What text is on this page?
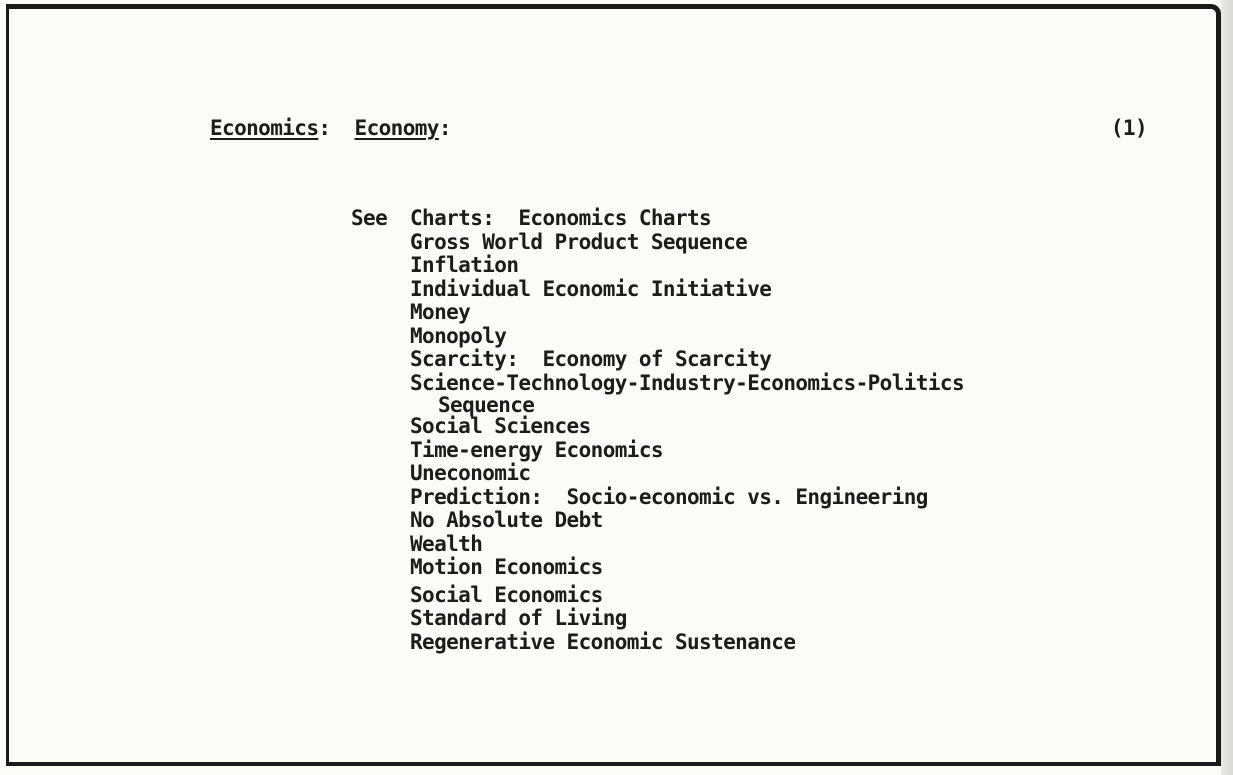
Economics: Economy:	(1)
See Charts:  Economics Charts
Gross World Product Sequence
Inflation
Individual Economic Initiative
Money
Monopoly
Scarcity:  Economy of Scarcity
Science-Technology-Industry-Economics-Politics
Sequence
Social Sciences
Time-energy Economics
Uneconomic
Prediction:  Socio-economic vs. Engineering
No Absolute Debt
Wealth
Motion Economics
Social Economics
Standard of Living
Regenerative Economic Sustenance
